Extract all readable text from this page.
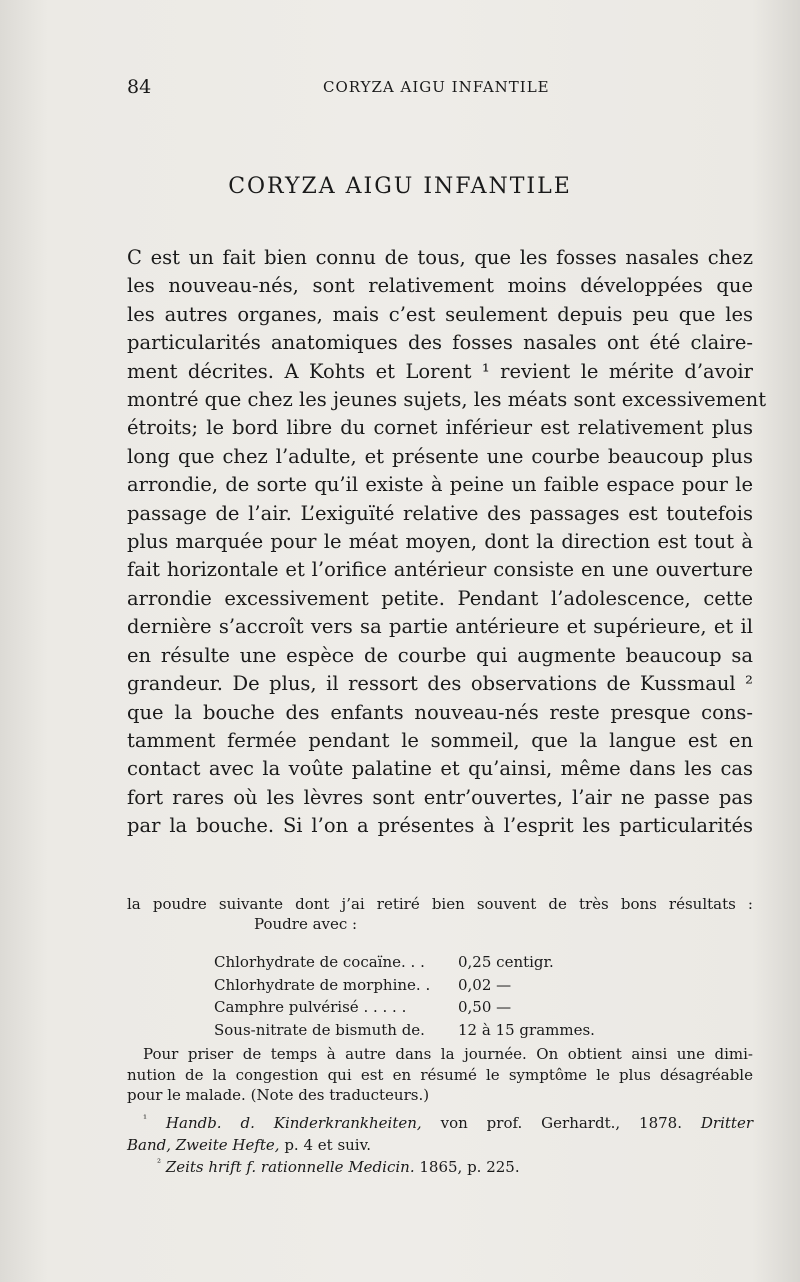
84	CORYZA AIGU INFANTILE
CORYZA AIGU INFANTILE

C est un fait bien connu de tous, que les fosses nasales chez
les nouveau-nés, sont relativement moins développées que
les autres organes, mais c’est seulement depuis peu que les
particularités anatomiques des fosses nasales ont été claire-
ment décrites. A Kohts et Lorent ¹ revient le mérite d’avoir
montré que chez les jeunes sujets, les méats sont excessivement
étroits; le bord libre du cornet inférieur est relativement plus
long que chez l’adulte, et présente une courbe beaucoup plus
arrondie, de sorte qu’il existe à peine un faible espace pour le
passage de l’air. L’exiguïté relative des passages est toutefois
plus marquée pour le méat moyen, dont la direction est tout à
fait horizontale et l’orifice antérieur consiste en une ouverture
arrondie excessivement petite. Pendant l’adolescence, cette
dernière s’accroît vers sa partie antérieure et supérieure, et il
en résulte une espèce de courbe qui augmente beaucoup sa
grandeur. De plus, il ressort des observations de Kussmaul ²
que la bouche des enfants nouveau-nés reste presque cons-
tamment fermée pendant le sommeil, que la langue est en
contact avec la voûte palatine et qu’ainsi, même dans les cas
fort rares où les lèvres sont entr’ouvertes, l’air ne passe pas
par la bouche. Si l’on a présentes à l’esprit les particularités

la poudre suivante dont j’ai retiré bien souvent de très bons résultats :
Poudre avec :
Chlorhydrate de cocaïne. . .	0,25 centigr.
Chlorhydrate de morphine. .	0,02 —
Camphre pulvérisé . . . . .	0,50 —
Sous-nitrate de bismuth de.	12 à 15 grammes.
Pour priser de temps à autre dans la journée. On obtient ainsi une dimi-
nution de la congestion qui est en résumé le symptôme le plus désagréable
pour le malade. (Note des traducteurs.)
$^{^1}$ Handb. d. Kinderkrankheiten, von prof. Gerhardt., 1878. Dritter
Band, Zweite Hefte, p. 4 et suiv.
$^{^2}$ Zeits hrift f. rationnelle Medicin. 1865, p. 225.
